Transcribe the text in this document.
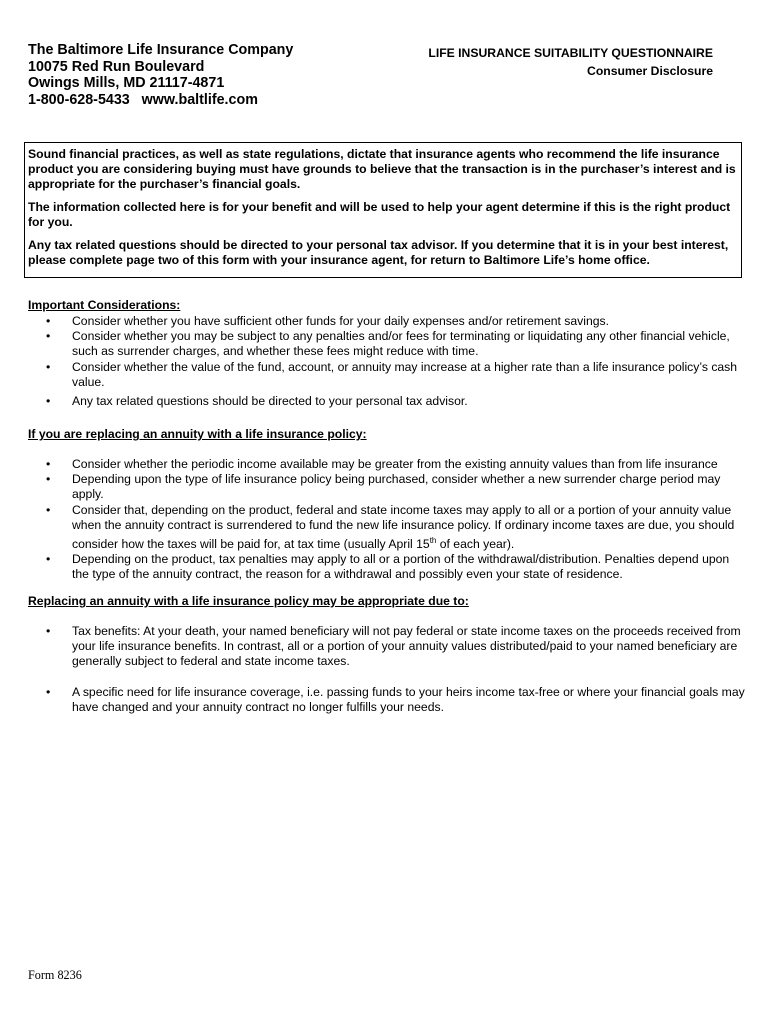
The Baltimore Life Insurance Company
10075 Red Run Boulevard
Owings Mills, MD 21117-4871
1-800-628-5433   www.baltlife.com
LIFE INSURANCE SUITABILITY QUESTIONNAIRE
Consumer Disclosure

Sound financial practices, as well as state regulations, dictate that insurance agents who recommend the life insurance product you are considering buying must have grounds to believe that the transaction is in the purchaser’s interest and is appropriate for the purchaser’s financial goals.

The information collected here is for your benefit and will be used to help your agent determine if this is the right product for you.

Any tax related questions should be directed to your personal tax advisor. If you determine that it is in your best interest, please complete page two of this form with your insurance agent, for return to Baltimore Life’s home office.

Important Considerations:
• Consider whether you have sufficient other funds for your daily expenses and/or retirement savings.
• Consider whether you may be subject to any penalties and/or fees for terminating or liquidating any other financial vehicle, such as surrender charges, and whether these fees might reduce with time.
• Consider whether the value of the fund, account, or annuity may increase at a higher rate than a life insurance policy’s cash value.
• Any tax related questions should be directed to your personal tax advisor.
If you are replacing an annuity with a life insurance policy:
• Consider whether the periodic income available may be greater from the existing annuity values than from life insurance
• Depending upon the type of life insurance policy being purchased, consider whether a new surrender charge period may apply.
• Consider that, depending on the product, federal and state income taxes may apply to all or a portion of your annuity value when the annuity contract is surrendered to fund the new life insurance policy. If ordinary income taxes are due, you should consider how the taxes will be paid for, at tax time (usually April 15th of each year).
• Depending on the product, tax penalties may apply to all or a portion of the withdrawal/distribution. Penalties depend upon the type of the annuity contract, the reason for a withdrawal and possibly even your state of residence.
Replacing an annuity with a life insurance policy may be appropriate due to:
• Tax benefits: At your death, your named beneficiary will not pay federal or state income taxes on the proceeds received from your life insurance benefits. In contrast, all or a portion of your annuity values distributed/paid to your named beneficiary are generally subject to federal and state income taxes.
• A specific need for life insurance coverage, i.e. passing funds to your heirs income tax-free or where your financial goals may have changed and your annuity contract no longer fulfills your needs.
Form 8236
